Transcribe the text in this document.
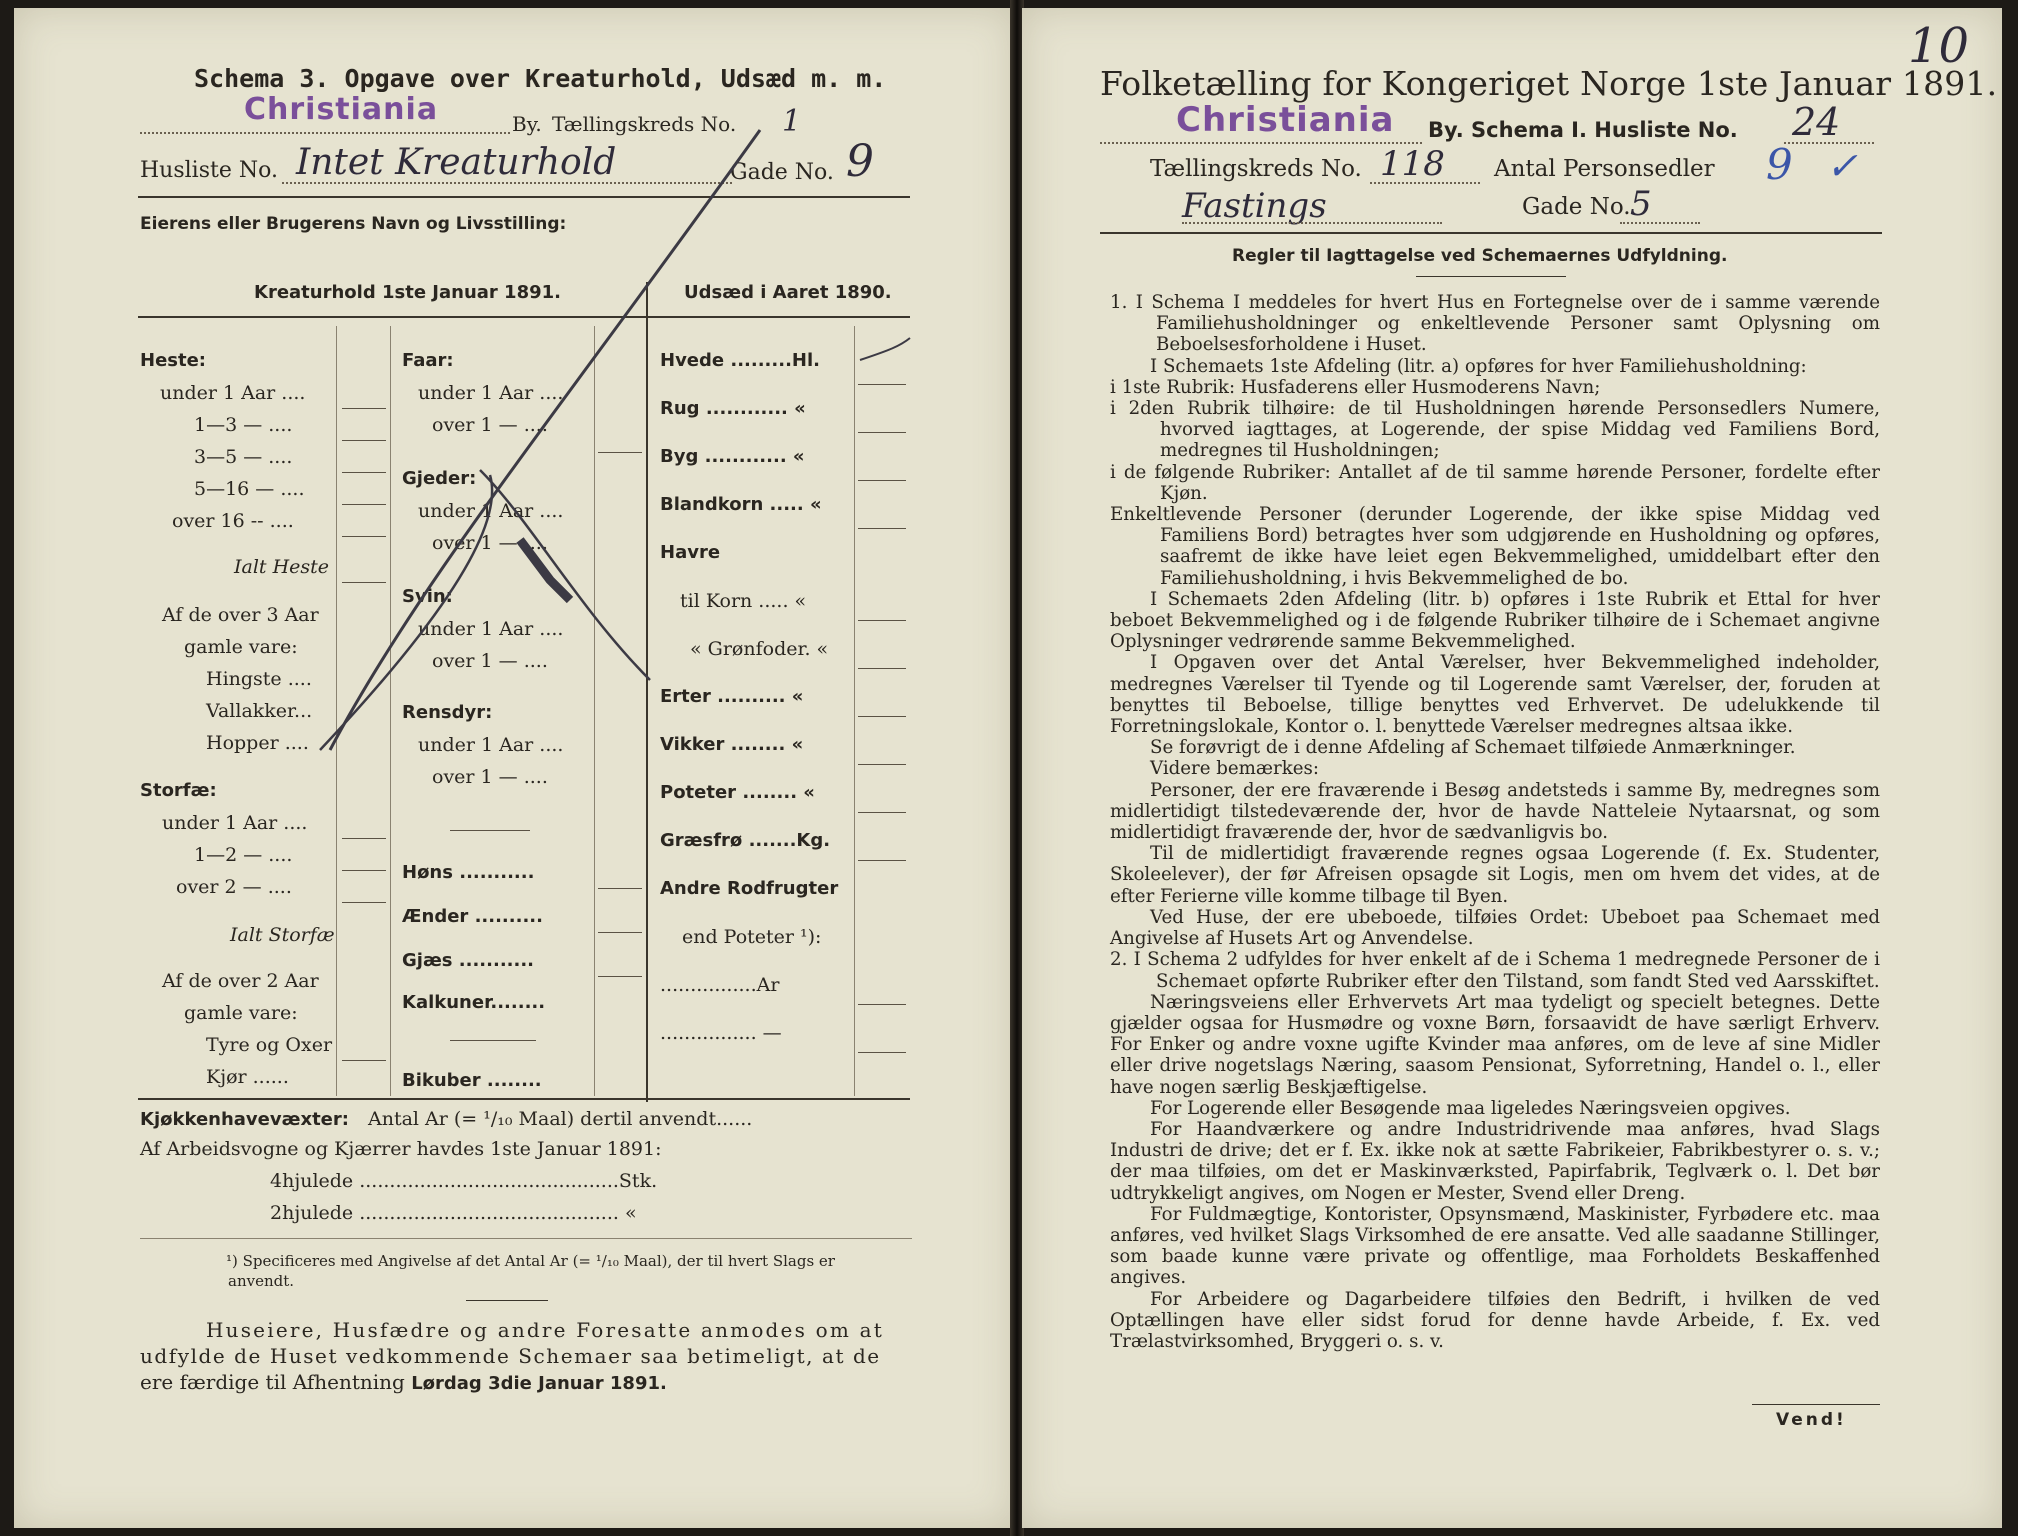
Schema 3. Opgave over Kreaturhold, Udsæd m. m.
Christiania	By. Tællingskreds No. 1
Husliste No. Intet Kreaturhold	Gade No. 9
Eierens eller Brugerens Navn og Livsstilling:
Kreaturhold 1ste Januar 1891.	Udsæd i Aaret 1890.
Heste:
under 1 Aar ....
1—3 — ....
3—5 — ....
5—16 — ....
over 16 -- ....
Ialt Heste
Af de over 3 Aar
gamle vare:
Hingste ....
Vallakker...
Hopper ....
Storfæ:
under 1 Aar ....
1—2 — ....
over 2 — ....
Ialt Storfæ
Af de over 2 Aar
gamle vare:
Tyre og Oxer
Kjør ......
Faar:
under 1 Aar ....
over 1 — ....
Gjeder:
under 1 Aar ....
over 1 — ....
Svin:
under 1 Aar ....
over 1 — ....
Rensdyr:
under 1 Aar ....
over 1 — ....
Høns ...........
Ænder ..........
Gjæs ...........
Kalkuner........
Bikuber ........
Hvede .........Hl.
Rug ............ «
Byg ............ «
Blandkorn ..... «
Havre
til Korn ..... «
« Grønfoder. «
Erter .......... «
Vikker ........ «
Poteter ........ «
Græsfrø .......Kg.
Andre Rodfrugter
end Poteter ¹):
................Ar
................ —
Kjøkkenhavevæxter: Antal Ar (= ¹/₁₀ Maal) dertil anvendt......
Af Arbeidsvogne og Kjærrer havdes 1ste Januar 1891:
4hjulede ...........................................Stk.
2hjulede ........................................... «
¹) Specificeres med Angivelse af det Antal Ar (= ¹/₁₀ Maal), der til hvert Slags er
anvendt.
Huseiere, Husfædre og andre Foresatte anmodes om at
udfylde de Huset vedkommende Schemaer saa betimeligt, at de
ere færdige til Afhentning Lørdag 3die Januar 1891.
10
Folketælling for Kongeriget Norge 1ste Januar 1891.
Christiania By. Schema I. Husliste No. 24
Tællingskreds No. 118 Antal Personsedler 9 ✓
Fastings	Gade No. 5
Regler til Iagttagelse ved Schemaernes Udfyldning.

1. I Schema I meddeles for hvert Hus en Fortegnelse over de i samme værende Familiehusholdninger og enkeltlevende Personer samt Oplysning om Beboelsesforholdene i Huset.

I Schemaets 1ste Afdeling (litr. a) opføres for hver Familiehusholdning:

i 1ste Rubrik: Husfaderens eller Husmoderens Navn;

i 2den Rubrik tilhøire: de til Husholdningen hørende Personsedlers Numere, hvorved iagttages, at Logerende, der spise Middag ved Familiens Bord, medregnes til Husholdningen;

i de følgende Rubriker: Antallet af de til samme hørende Personer, fordelte efter Kjøn.

Enkeltlevende Personer (derunder Logerende, der ikke spise Middag ved Familiens Bord) betragtes hver som udgjørende en Husholdning og opføres, saafremt de ikke have leiet egen Bekvemmelighed, umiddelbart efter den Familiehusholdning, i hvis Bekvemmelighed de bo.

I Schemaets 2den Afdeling (litr. b) opføres i 1ste Rubrik et Ettal for hver beboet Bekvemmelighed og i de følgende Rubriker tilhøire de i Schemaet angivne Oplysninger vedrørende samme Bekvemmelighed.

I Opgaven over det Antal Værelser, hver Bekvemmelighed indeholder, medregnes Værelser til Tyende og til Logerende samt Værelser, der, foruden at benyttes til Beboelse, tillige benyttes ved Erhvervet. De udelukkende til Forretningslokale, Kontor o. l. benyttede Værelser medregnes altsaa ikke.

Se forøvrigt de i denne Afdeling af Schemaet tilføiede Anmærkninger.

Videre bemærkes:

Personer, der ere fraværende i Besøg andetsteds i samme By, medregnes som midlertidigt tilstedeværende der, hvor de havde Natteleie Nytaarsnat, og som midlertidigt fraværende der, hvor de sædvanligvis bo.

Til de midlertidigt fraværende regnes ogsaa Logerende (f. Ex. Studenter, Skoleelever), der før Afreisen opsagde sit Logis, men om hvem det vides, at de efter Ferierne ville komme tilbage til Byen.

Ved Huse, der ere ubeboede, tilføies Ordet: Ubeboet paa Schemaet med Angivelse af Husets Art og Anvendelse.

2. I Schema 2 udfyldes for hver enkelt af de i Schema 1 medregnede Personer de i Schemaet opførte Rubriker efter den Tilstand, som fandt Sted ved Aarsskiftet.

Næringsveiens eller Erhvervets Art maa tydeligt og specielt betegnes. Dette gjælder ogsaa for Husmødre og voxne Børn, forsaavidt de have særligt Erhverv. For Enker og andre voxne ugifte Kvinder maa anføres, om de leve af sine Midler eller drive nogetslags Næring, saasom Pensionat, Syforretning, Handel o. l., eller have nogen særlig Beskjæftigelse.

For Logerende eller Besøgende maa ligeledes Næringsveien opgives.

For Haandværkere og andre Industridrivende maa anføres, hvad Slags Industri de drive; det er f. Ex. ikke nok at sætte Fabrikeier, Fabrikbestyrer o. s. v.; der maa tilføies, om det er Maskinværksted, Papirfabrik, Teglværk o. l. Det bør udtrykkeligt angives, om Nogen er Mester, Svend eller Dreng.

For Fuldmægtige, Kontorister, Opsynsmænd, Maskinister, Fyrbødere etc. maa anføres, ved hvilket Slags Virksomhed de ere ansatte. Ved alle saadanne Stillinger, som baade kunne være private og offentlige, maa Forholdets Beskaffenhed angives.

For Arbeidere og Dagarbeidere tilføies den Bedrift, i hvilken de ved Optællingen have eller sidst forud for denne havde Arbeide, f. Ex. ved Trælastvirksomhed, Bryggeri o. s. v.

Vend!
